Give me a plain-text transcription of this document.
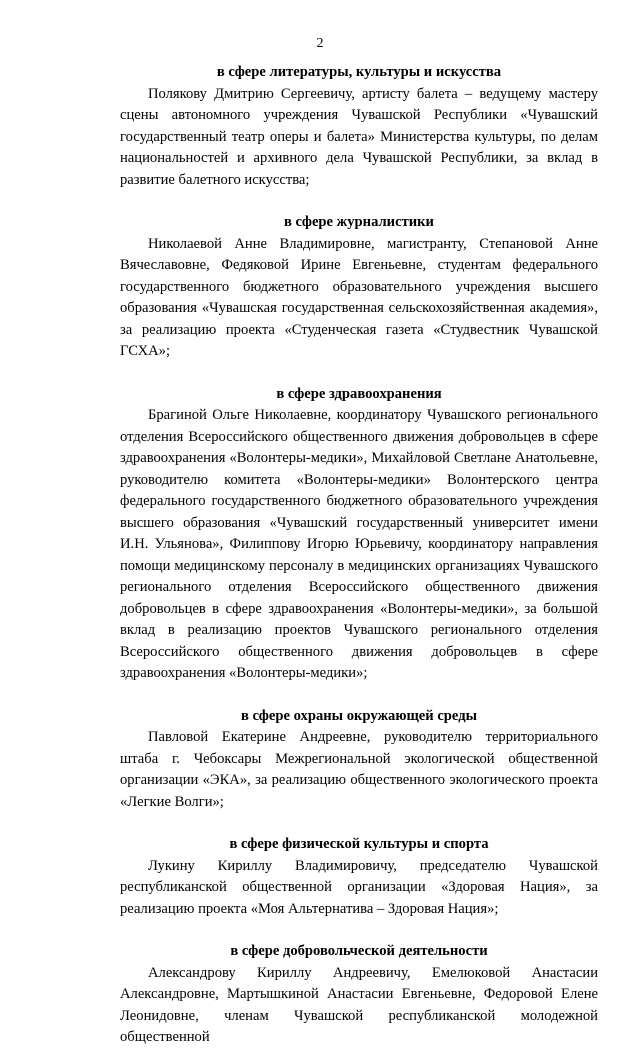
2

в сфере литературы, культуры и искусства

Полякову Дмитрию Сергеевичу, артисту балета – ведущему мастеру сцены автономного учреждения Чувашской Республики «Чувашский государственный театр оперы и балета» Министерства культуры, по делам национальностей и архивного дела Чувашской Республики, за вклад в развитие балетного искусства;

в сфере журналистики

Николаевой Анне Владимировне, магистранту, Степановой Анне Вячеславовне, Федяковой Ирине Евгеньевне, студентам федерального государственного бюджетного образовательного учреждения высшего образования «Чувашская государственная сельскохозяйственная академия», за реализацию проекта «Студенческая газета «Студвестник Чувашской ГСХА»;

в сфере здравоохранения

Брагиной Ольге Николаевне, координатору Чувашского регионального отделения Всероссийского общественного движения добровольцев в сфере здравоохранения «Волонтеры-медики», Михайловой Светлане Анатольевне, руководителю комитета «Волонтеры-медики» Волонтерского центра федерального государственного бюджетного образовательного учреждения высшего образования «Чувашский государственный университет имени И.Н. Ульянова», Филиппову Игорю Юрьевичу, координатору направления помощи медицинскому персоналу в медицинских организациях Чувашского регионального отделения Всероссийского общественного движения добровольцев в сфере здравоохранения «Волонтеры-медики», за большой вклад в реализацию проектов Чувашского регионального отделения Всероссийского общественного движения добровольцев в сфере здравоохранения «Волонтеры-медики»;

в сфере охраны окружающей среды

Павловой Екатерине Андреевне, руководителю территориального штаба г. Чебоксары Межрегиональной экологической общественной организации «ЭКА», за реализацию общественного экологического проекта «Легкие Волги»;

в сфере физической культуры и спорта

Лукину Кириллу Владимировичу, председателю Чувашской республиканской общественной организации «Здоровая Нация», за реализацию проекта «Моя Альтернатива – Здоровая Нация»;

в сфере добровольческой деятельности

Александрову Кириллу Андреевичу, Емелюковой Анастасии Александровне, Мартышкиной Анастасии Евгеньевне, Федоровой Елене Леонидовне, членам Чувашской республиканской молодежной общественной
